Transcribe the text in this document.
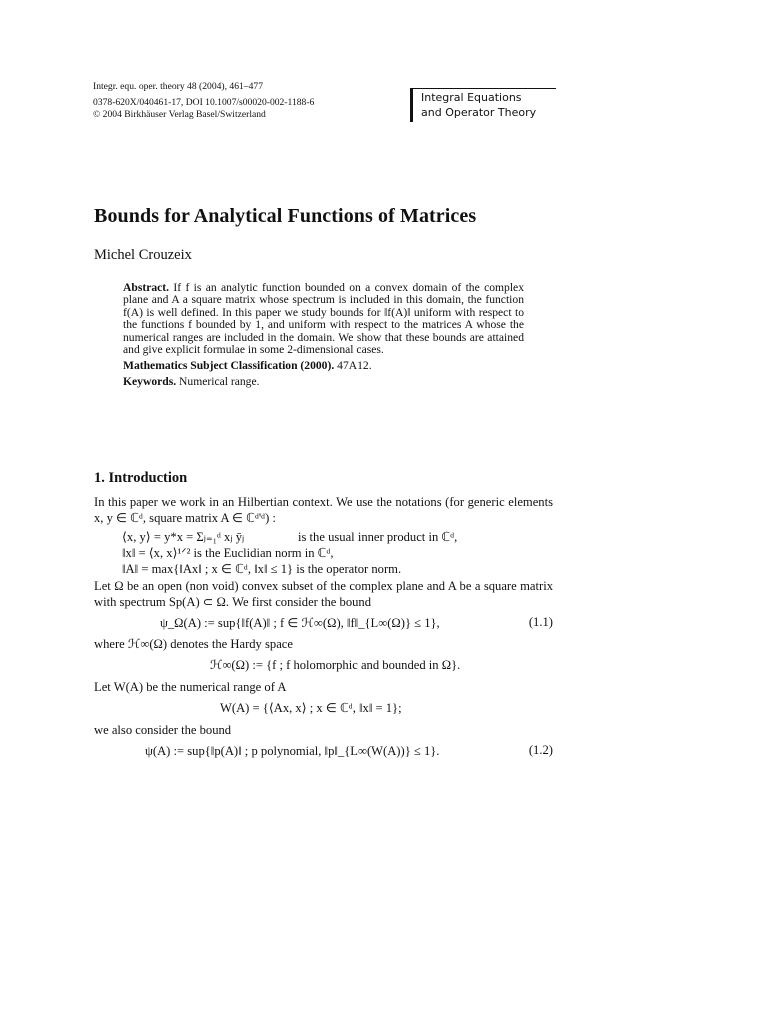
Integr. equ. oper. theory 48 (2004), 461–477
0378-620X/040461-17, DOI 10.1007/s00020-002-1188-6
© 2004 Birkhäuser Verlag Basel/Switzerland
Integral Equations
and Operator Theory
Bounds for Analytical Functions of Matrices
Michel Crouzeix

Abstract. If f is an analytic function bounded on a convex domain of the complex plane and A a square matrix whose spectrum is included in this domain, the function f(A) is well defined. In this paper we study bounds for ‖f(A)‖ uniform with respect to the functions f bounded by 1, and uniform with respect to the matrices A whose the numerical ranges are included in the domain. We show that these bounds are attained and give explicit formulae in some 2-dimensional cases.

Mathematics Subject Classification (2000). 47A12.

Keywords. Numerical range.

1. Introduction
In this paper we work in an Hilbertian context. We use the notations (for generic elements x, y ∈ ℂᵈ, square matrix A ∈ ℂᵈ'ᵈ) :
⟨x, y⟩ = y*x = Σⱼ₌₁ᵈ xⱼ ȳⱼ	is the usual inner product in ℂᵈ,
‖x‖ = ⟨x, x⟩¹ᐟ² is the Euclidian norm in ℂᵈ,
‖A‖ = max{‖Ax‖ ; x ∈ ℂᵈ, ‖x‖ ≤ 1} is the operator norm.
Let Ω be an open (non void) convex subset of the complex plane and A be a square matrix with spectrum Sp(A) ⊂ Ω. We first consider the bound
ψ_Ω(A) := sup{‖f(A)‖ ; f ∈ ℋ∞(Ω), ‖f‖_{L∞(Ω)} ≤ 1},	(1.1)
where ℋ∞(Ω) denotes the Hardy space
ℋ∞(Ω) := {f ; f holomorphic and bounded in Ω}.
Let W(A) be the numerical range of A
W(A) = {⟨Ax, x⟩ ; x ∈ ℂᵈ, ‖x‖ = 1};
we also consider the bound
ψ(A) := sup{‖p(A)‖ ; p polynomial, ‖p‖_{L∞(W(A))} ≤ 1}.	(1.2)
